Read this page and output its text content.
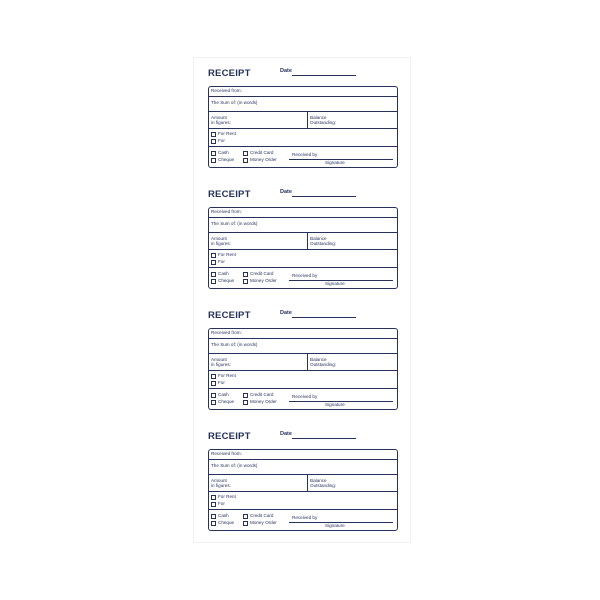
RECEIPT	Date
Received from:
The Sum of: (in words)
Amount
in figures:
Balance
Outstanding:
For Rent
For
Cash
Cheque
Credit Card
Money Order
Received by
Signature
RECEIPT	Date
Received from:
The Sum of: (in words)
Amount
in figures:
Balance
Outstanding:
For Rent
For
Cash
Cheque
Credit Card
Money Order
Received by
Signature
RECEIPT	Date
Received from:
The Sum of: (in words)
Amount
in figures:
Balance
Outstanding:
For Rent
For
Cash
Cheque
Credit Card
Money Order
Received by
Signature
RECEIPT	Date
Received from:
The Sum of: (in words)
Amount
in figures:
Balance
Outstanding:
For Rent
For
Cash
Cheque
Credit Card
Money Order
Received by
Signature
